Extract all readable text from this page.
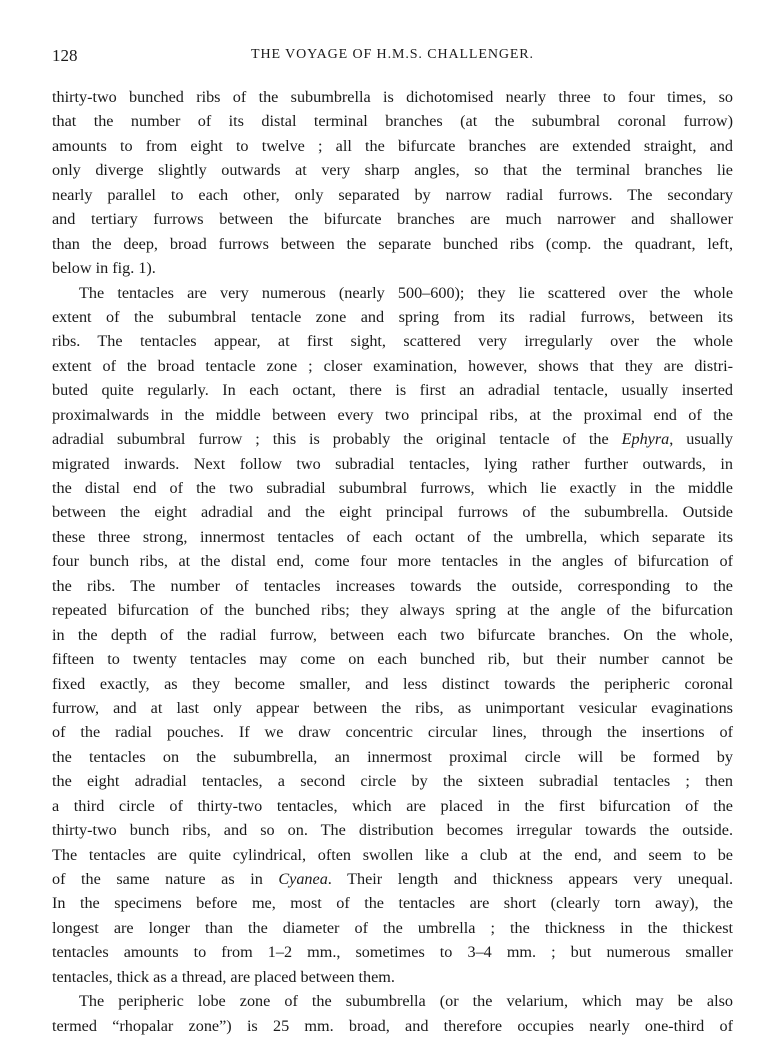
128	THE VOYAGE OF H.M.S. CHALLENGER.
thirty-two bunched ribs of the subumbrella is dichotomised nearly three to four times, so
that the number of its distal terminal branches (at the subumbral coronal furrow)
amounts to from eight to twelve ; all the bifurcate branches are extended straight, and
only diverge slightly outwards at very sharp angles, so that the terminal branches lie
nearly parallel to each other, only separated by narrow radial furrows. The secondary
and tertiary furrows between the bifurcate branches are much narrower and shallower
than the deep, broad furrows between the separate bunched ribs (comp. the quadrant, left,
below in fig. 1).
The tentacles are very numerous (nearly 500–600); they lie scattered over the whole
extent of the subumbral tentacle zone and spring from its radial furrows, between its
ribs. The tentacles appear, at first sight, scattered very irregularly over the whole
extent of the broad tentacle zone ; closer examination, however, shows that they are distri-
buted quite regularly. In each octant, there is first an adradial tentacle, usually inserted
proximalwards in the middle between every two principal ribs, at the proximal end of the
adradial subumbral furrow ; this is probably the original tentacle of the Ephyra, usually
migrated inwards. Next follow two subradial tentacles, lying rather further outwards, in
the distal end of the two subradial subumbral furrows, which lie exactly in the middle
between the eight adradial and the eight principal furrows of the subumbrella. Outside
these three strong, innermost tentacles of each octant of the umbrella, which separate its
four bunch ribs, at the distal end, come four more tentacles in the angles of bifurcation of
the ribs. The number of tentacles increases towards the outside, corresponding to the
repeated bifurcation of the bunched ribs; they always spring at the angle of the bifurcation
in the depth of the radial furrow, between each two bifurcate branches. On the whole,
fifteen to twenty tentacles may come on each bunched rib, but their number cannot be
fixed exactly, as they become smaller, and less distinct towards the peripheric coronal
furrow, and at last only appear between the ribs, as unimportant vesicular evaginations
of the radial pouches. If we draw concentric circular lines, through the insertions of
the tentacles on the subumbrella, an innermost proximal circle will be formed by
the eight adradial tentacles, a second circle by the sixteen subradial tentacles ; then
a third circle of thirty-two tentacles, which are placed in the first bifurcation of the
thirty-two bunch ribs, and so on. The distribution becomes irregular towards the outside.
The tentacles are quite cylindrical, often swollen like a club at the end, and seem to be
of the same nature as in Cyanea. Their length and thickness appears very unequal.
In the specimens before me, most of the tentacles are short (clearly torn away), the
longest are longer than the diameter of the umbrella ; the thickness in the thickest
tentacles amounts to from 1–2 mm., sometimes to 3–4 mm. ; but numerous smaller
tentacles, thick as a thread, are placed between them.
The peripheric lobe zone of the subumbrella (or the velarium, which may be also
termed “rhopalar zone”) is 25 mm. broad, and therefore occupies nearly one-third of
